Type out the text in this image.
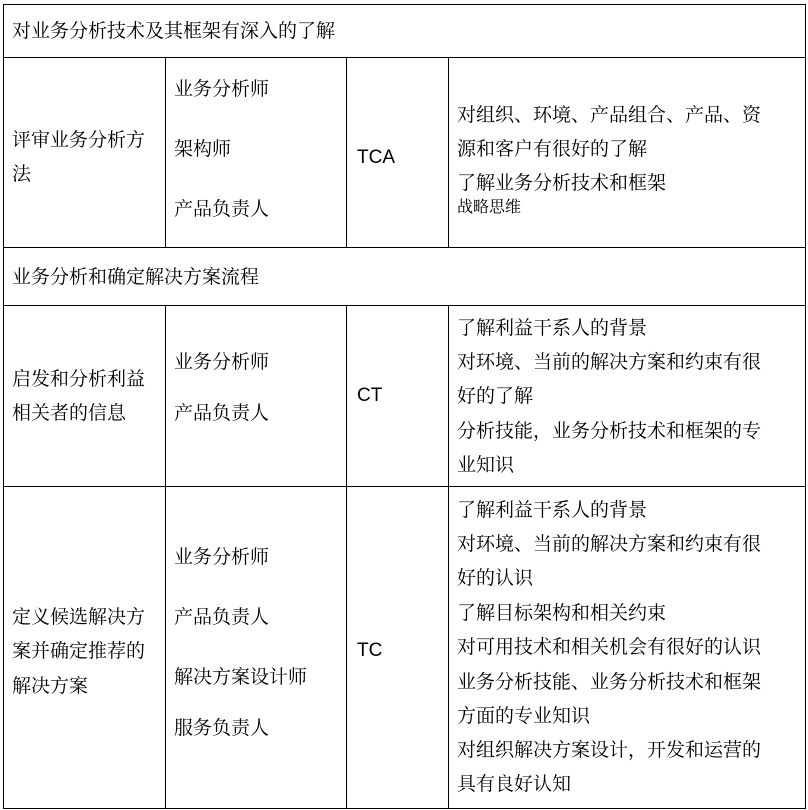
对业务分析技术及其框架有深入的了解
评审业务分析方
法
业务分析师
架构师
产品负责人
TCA
对组织、环境、产品组合、产品、资
源和客户有很好的了解
了解业务分析技术和框架
战略思维
业务分析和确定解决方案流程
启发和分析利益
相关者的信息
业务分析师
产品负责人
CT
了解利益干系人的背景
对环境、当前的解决方案和约束有很
好的了解
分析技能，业务分析技术和框架的专
业知识
定义候选解决方
案并确定推荐的
解决方案
业务分析师
产品负责人
解决方案设计师
服务负责人
TC
了解利益干系人的背景
对环境、当前的解决方案和约束有很
好的认识
了解目标架构和相关约束
对可用技术和相关机会有很好的认识
业务分析技能、业务分析技术和框架
方面的专业知识
对组织解决方案设计，开发和运营的
具有良好认知
